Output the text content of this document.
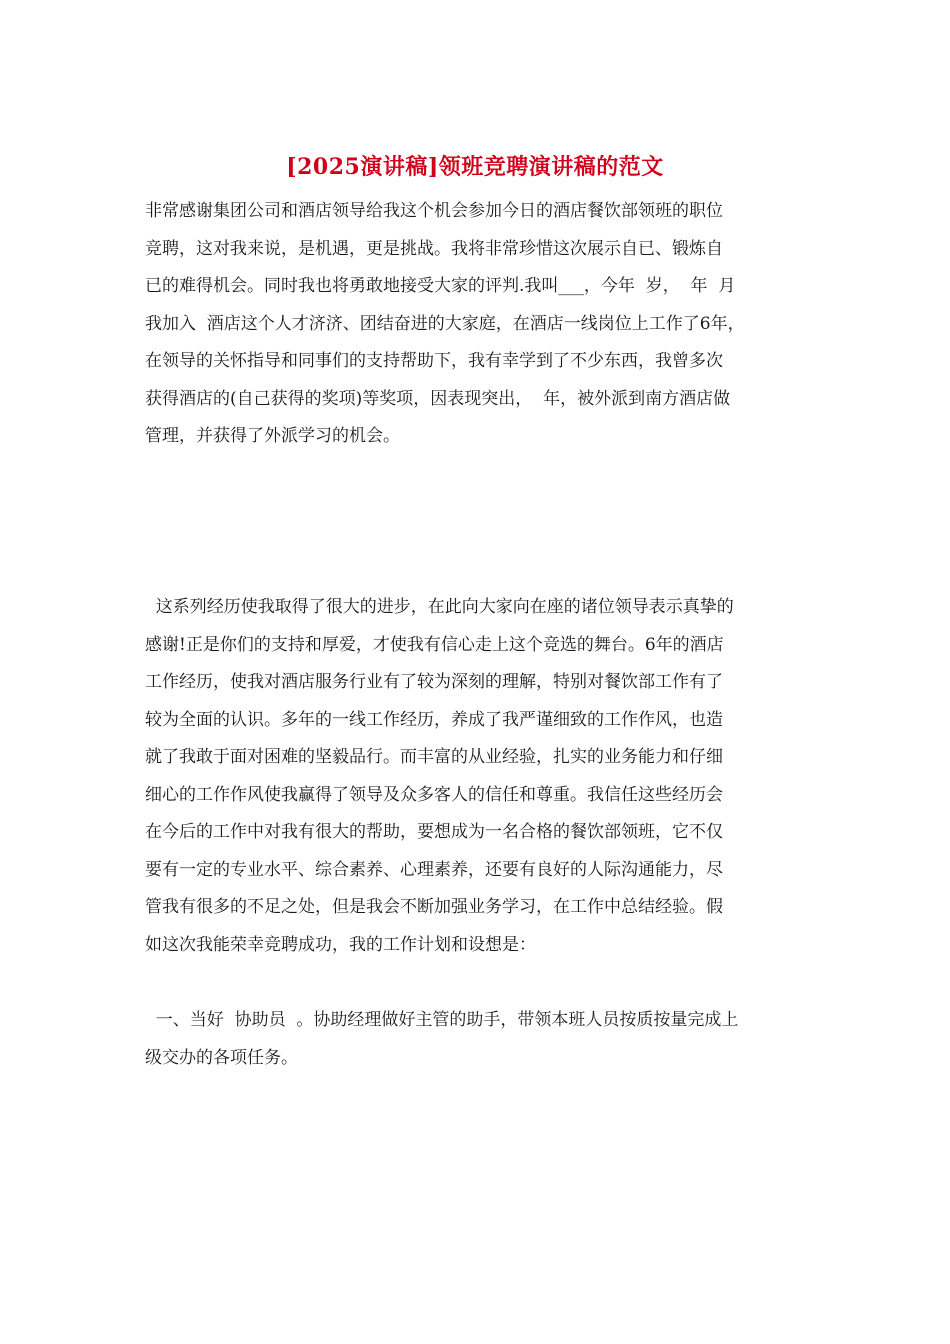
[2025演讲稿]领班竞聘演讲稿的范文
非常感谢集团公司和酒店领导给我这个机会参加今日的酒店餐饮部领班的职位
竞聘，这对我来说，是机遇，更是挑战。我将非常珍惜这次展示自已、锻炼自
已的难得机会。同时我也将勇敢地接受大家的评判.我叫___，今年  岁，  年  月
我加入  酒店这个人才济济、团结奋进的大家庭，在酒店一线岗位上工作了6年，
在领导的关怀指导和同事们的支持帮助下，我有幸学到了不少东西，我曾多次
获得酒店的(自己获得的奖项)等奖项，因表现突出，  年，被外派到南方酒店做
管理，并获得了外派学习的机会。
这系列经历使我取得了很大的进步，在此向大家向在座的诸位领导表示真挚的
感谢!正是你们的支持和厚爱，才使我有信心走上这个竞选的舞台。6年的酒店
工作经历，使我对酒店服务行业有了较为深刻的理解，特别对餐饮部工作有了
较为全面的认识。多年的一线工作经历，养成了我严谨细致的工作作风，也造
就了我敢于面对困难的坚毅品行。而丰富的从业经验，扎实的业务能力和仔细
细心的工作作风使我赢得了领导及众多客人的信任和尊重。我信任这些经历会
在今后的工作中对我有很大的帮助，要想成为一名合格的餐饮部领班，它不仅
要有一定的专业水平、综合素养、心理素养，还要有良好的人际沟通能力，尽
管我有很多的不足之处，但是我会不断加强业务学习，在工作中总结经验。假
如这次我能荣幸竞聘成功，我的工作计划和设想是：
一、当好  协助员  。协助经理做好主管的助手，带领本班人员按质按量完成上
级交办的各项任务。
